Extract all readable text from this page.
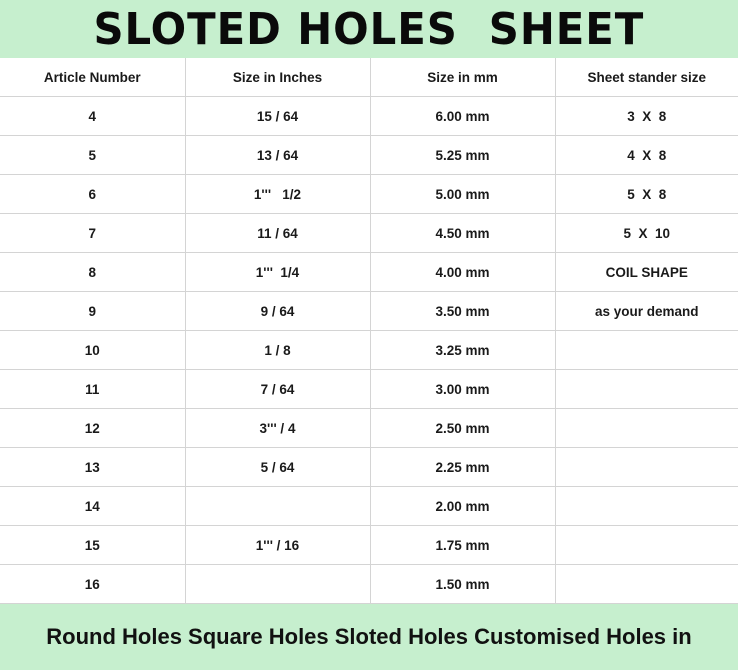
SLOTED HOLES  SHEET
Article Number	Size in Inches	Size in mm	Sheet stander size
4	15 / 64	6.00 mm	3  X  8
5	13 / 64	5.25 mm	4  X  8
6	1'''   1/2	5.00 mm	5  X  8
7	11 / 64	4.50 mm	5  X  10
8	1'''  1/4	4.00 mm	COIL SHAPE
9	9 / 64	3.50 mm	as your demand
10	1 / 8	3.25 mm	
11	7 / 64	3.00 mm	
12	3''' / 4	2.50 mm	
13	5 / 64	2.25 mm	
14		2.00 mm	
15	1''' / 16	1.75 mm	
16		1.50 mm	

Round Holes Square Holes Sloted Holes Customised Holes in
